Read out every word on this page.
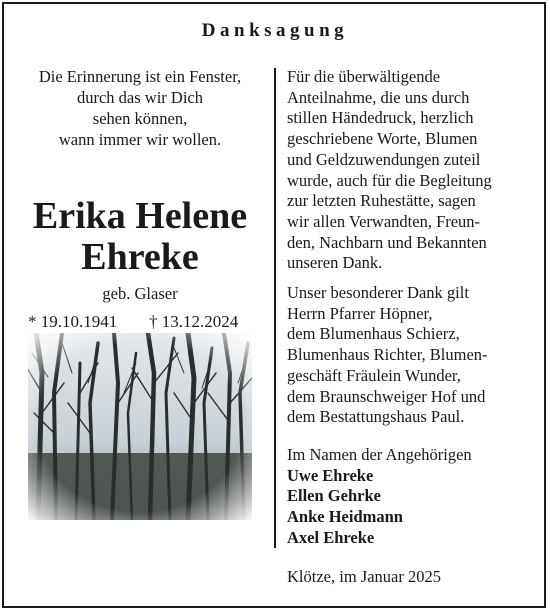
Danksagung
Die Erinnerung ist ein Fenster,
durch das wir Dich
sehen können,
wann immer wir wollen.
Erika Helene
Ehreke
geb. Glaser
* 19.10.1941 † 13.12.2024
Für die überwältigende
Anteilnahme, die uns durch
stillen Händedruck, herzlich
geschriebene Worte, Blumen
und Geldzuwendungen zuteil
wurde, auch für die Begleitung
zur letzten Ruhestätte, sagen
wir allen Verwandten, Freun-
den, Nachbarn und Bekannten
unseren Dank.
Unser besonderer Dank gilt
Herrn Pfarrer Höpner,
dem Blumenhaus Schierz,
Blumenhaus Richter, Blumen-
geschäft Fräulein Wunder,
dem Braunschweiger Hof und
dem Bestattungshaus Paul.
Im Namen der Angehörigen
Uwe Ehreke
Ellen Gehrke
Anke Heidmann
Axel Ehreke
Klötze, im Januar 2025
